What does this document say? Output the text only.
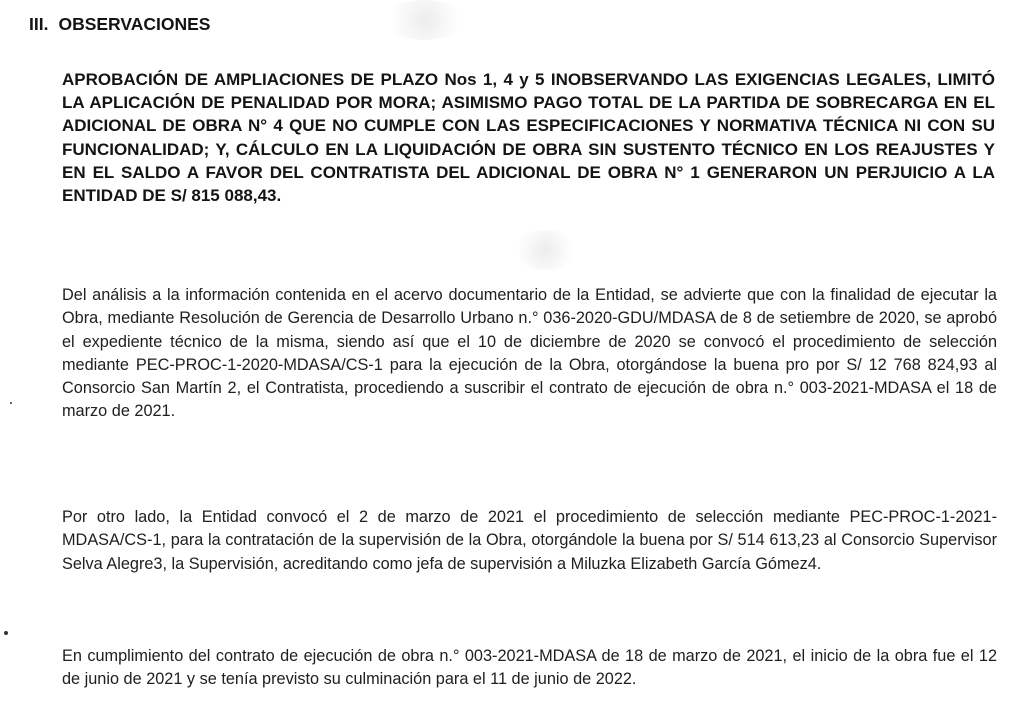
III. OBSERVACIONES
APROBACIÓN DE AMPLIACIONES DE PLAZO Nos 1, 4 y 5 INOBSERVANDO LAS EXIGENCIAS LEGALES, LIMITÓ LA APLICACIÓN DE PENALIDAD POR MORA; ASIMISMO PAGO TOTAL DE LA PARTIDA DE SOBRECARGA EN EL ADICIONAL DE OBRA N° 4 QUE NO CUMPLE CON LAS ESPECIFICACIONES Y NORMATIVA TÉCNICA NI CON SU FUNCIONALIDAD; Y, CÁLCULO EN LA LIQUIDACIÓN DE OBRA SIN SUSTENTO TÉCNICO EN LOS REAJUSTES Y EN EL SALDO A FAVOR DEL CONTRATISTA DEL ADICIONAL DE OBRA N° 1 GENERARON UN PERJUICIO A LA ENTIDAD DE S/ 815 088,43.
Del análisis a la información contenida en el acervo documentario de la Entidad, se advierte que con la finalidad de ejecutar la Obra, mediante Resolución de Gerencia de Desarrollo Urbano n.° 036-2020-GDU/MDASA de 8 de setiembre de 2020, se aprobó el expediente técnico de la misma, siendo así que el 10 de diciembre de 2020 se convocó el procedimiento de selección mediante PEC-PROC-1-2020-MDASA/CS-1 para la ejecución de la Obra, otorgándose la buena pro por S/ 12 768 824,93 al Consorcio San Martín 2, el Contratista, procediendo a suscribir el contrato de ejecución de obra n.° 003-2021-MDASA el 18 de marzo de 2021.
Por otro lado, la Entidad convocó el 2 de marzo de 2021 el procedimiento de selección mediante PEC-PROC-1-2021-MDASA/CS-1, para la contratación de la supervisión de la Obra, otorgándole la buena por S/ 514 613,23 al Consorcio Supervisor Selva Alegre3, la Supervisión, acreditando como jefa de supervisión a Miluzka Elizabeth García Gómez4.
En cumplimiento del contrato de ejecución de obra n.° 003-2021-MDASA de 18 de marzo de 2021, el inicio de la obra fue el 12 de junio de 2021 y se tenía previsto su culminación para el 11 de junio de 2022.
